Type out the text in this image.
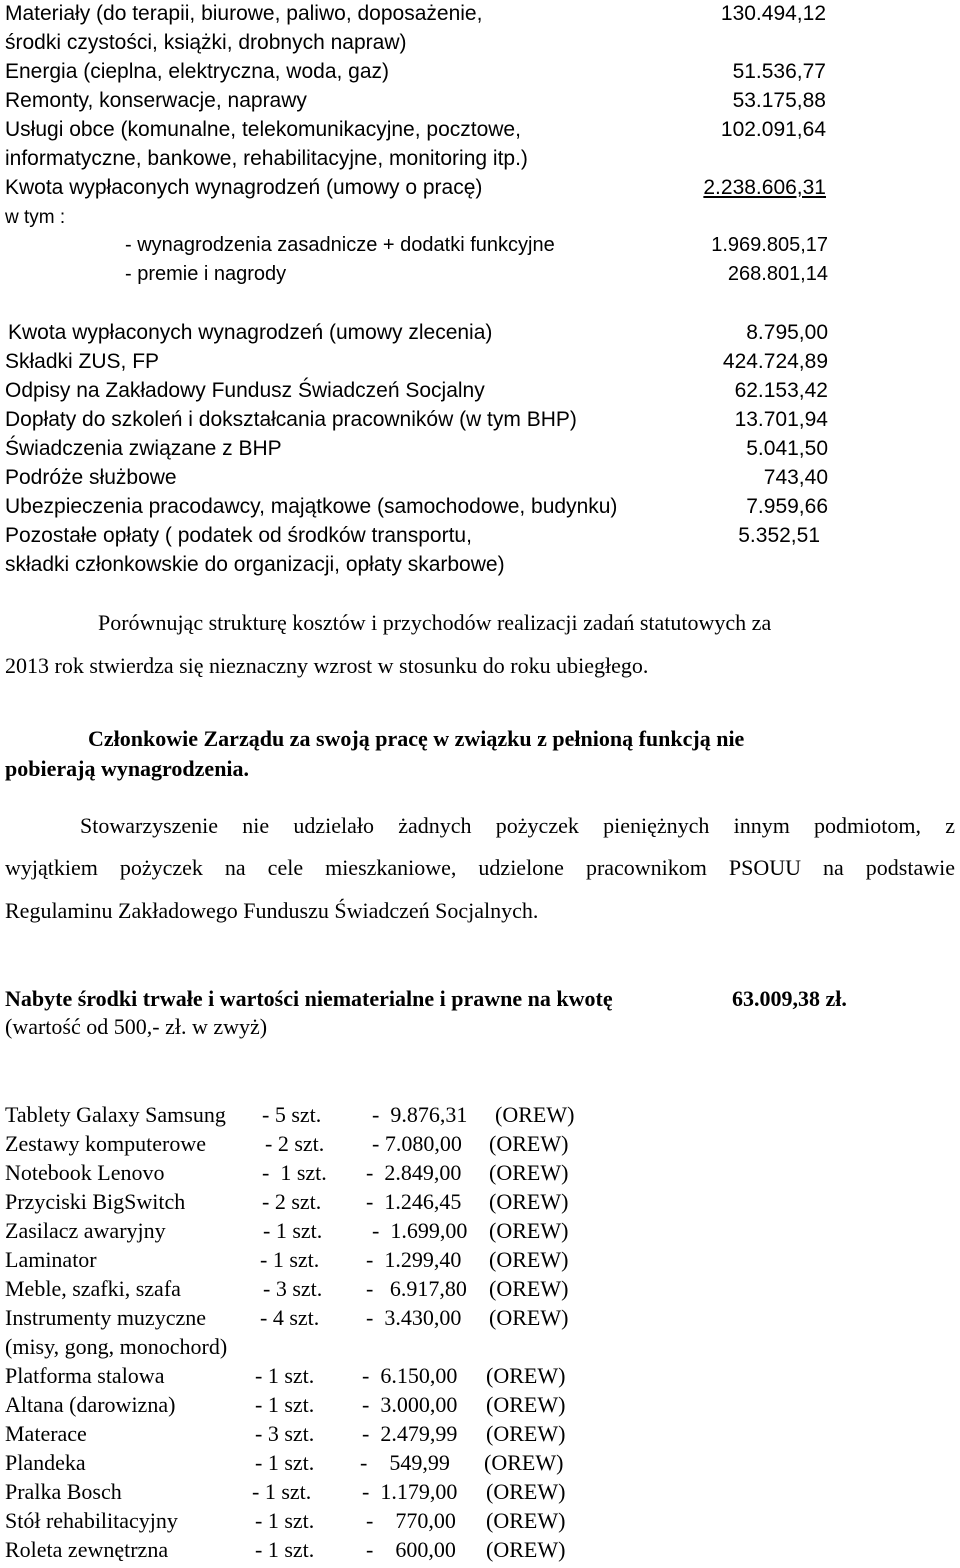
Materiały (do terapii, biurowe, paliwo, doposażenie,	130.494,12
środki czystości, książki, drobnych napraw)
Energia (cieplna, elektryczna, woda, gaz)	51.536,77
Remonty, konserwacje, naprawy	53.175,88
Usługi obce (komunalne, telekomunikacyjne, pocztowe,	102.091,64
informatyczne, bankowe, rehabilitacyjne, monitoring itp.)
Kwota wypłaconych wynagrodzeń (umowy o pracę)	2.238.606,31
w tym :
- wynagrodzenia zasadnicze + dodatki funkcyjne	1.969.805,17
- premie i nagrody	268.801,14
Kwota wypłaconych wynagrodzeń (umowy zlecenia)	8.795,00
Składki ZUS, FP	424.724,89
Odpisy na Zakładowy Fundusz Świadczeń Socjalny	62.153,42
Dopłaty do szkoleń i dokształcania pracowników (w tym BHP)	13.701,94
Świadczenia związane z BHP	5.041,50
Podróże służbowe	743,40
Ubezpieczenia pracodawcy, majątkowe (samochodowe, budynku)	7.959,66
Pozostałe opłaty ( podatek od środków transportu,	5.352,51
składki członkowskie do organizacji, opłaty skarbowe)
Porównując strukturę kosztów i przychodów realizacji zadań statutowych za
2013 rok stwierdza się nieznaczny wzrost w stosunku do roku ubiegłego.
Członkowie Zarządu za swoją pracę w związku z pełnioną funkcją nie
pobierają wynagrodzenia.
Stowarzyszenie nie udzielało żadnych pożyczek pieniężnych innym podmiotom, z
wyjątkiem pożyczek na cele mieszkaniowe, udzielone pracownikom PSOUU na podstawie
Regulaminu Zakładowego Funduszu Świadczeń Socjalnych.
Nabyte środki trwałe i wartości niematerialne i prawne na kwotę	63.009,38 zł.
(wartość od 500,- zł. w zwyż)
Tablety Galaxy Samsung - 5 szt. -  9.876,31 (OREW)
Zestawy komputerowe	- 2 szt. - 7.080,00 (OREW)
Notebook Lenovo	-  1 szt. -  2.849,00 (OREW)
Przyciski BigSwitch	- 2 szt. -  1.246,45 (OREW)
Zasilacz awaryjny	- 1 szt. -  1.699,00 (OREW)
Laminator	- 1 szt. -  1.299,40 (OREW)
Meble, szafki, szafa	- 3 szt. -   6.917,80 (OREW)
Instrumenty muzyczne - 4 szt. -  3.430,00 (OREW)
(misy, gong, monochord)
Platforma stalowa	- 1 szt. -  6.150,00 (OREW)
Altana (darowizna)	- 1 szt. -  3.000,00 (OREW)
Materace	- 3 szt. -  2.479,99 (OREW)
Plandeka	- 1 szt. -    549,99 (OREW)
Pralka Bosch	- 1 szt. -  1.179,00 (OREW)
Stół rehabilitacyjny	- 1 szt. -    770,00 (OREW)
Roleta zewnętrzna	- 1 szt. -    600,00 (OREW)
